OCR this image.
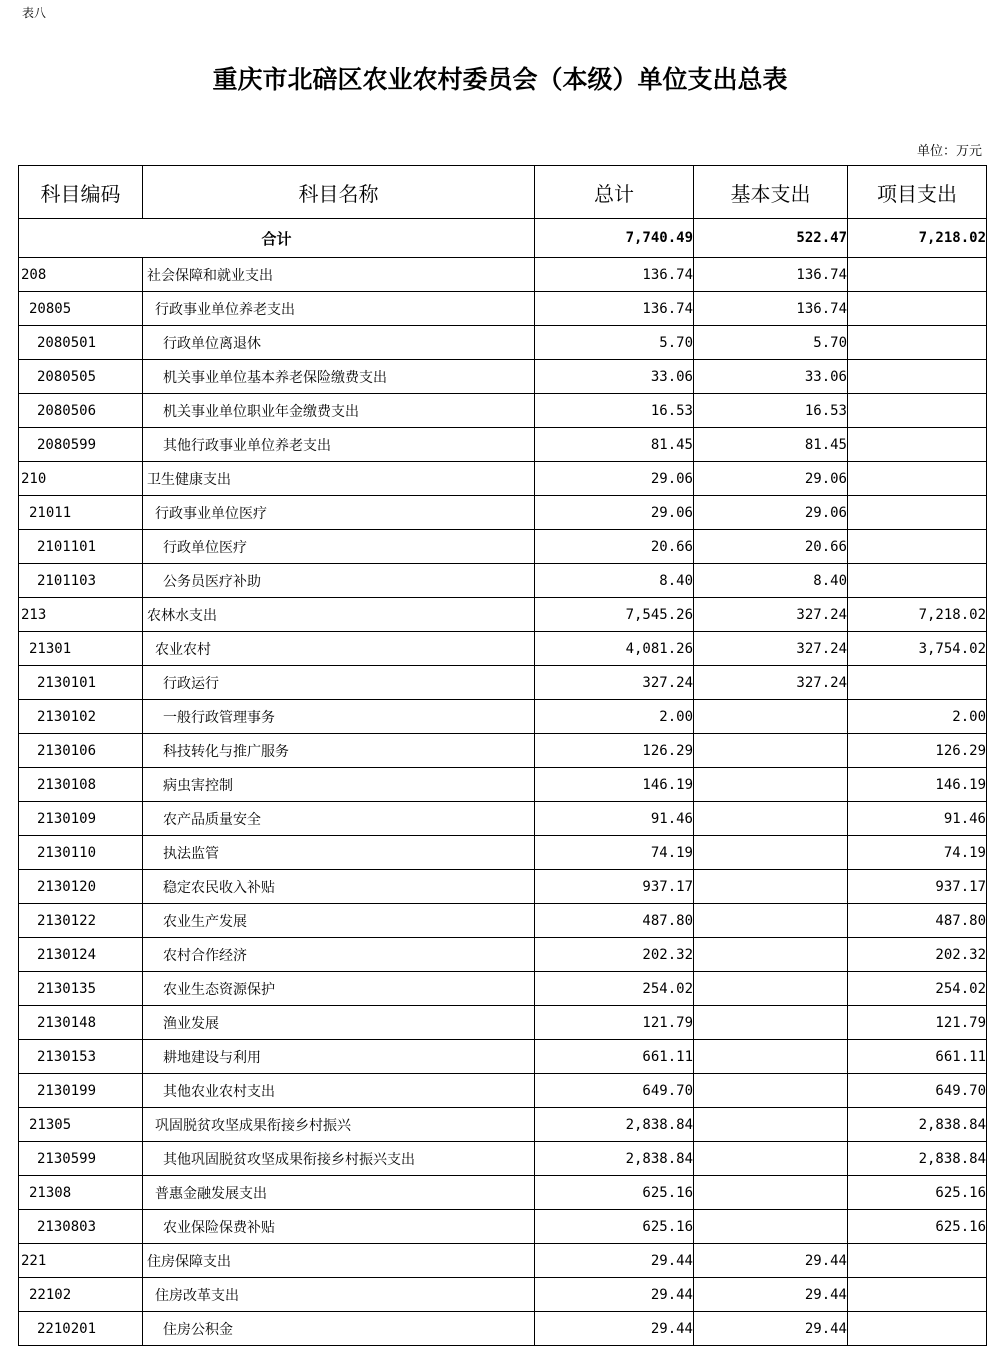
表八
重庆市北碚区农业农村委员会（本级）单位支出总表
单位：万元
科目编码	科目名称	总计	基本支出	项目支出
合计		7,740.49	522.47	7,218.02
208	社会保障和就业支出	136.74	136.74	
20805	行政事业单位养老支出	136.74	136.74	
2080501	行政单位离退休	5.70	5.70	
2080505	机关事业单位基本养老保险缴费支出	33.06	33.06	
2080506	机关事业单位职业年金缴费支出	16.53	16.53	
2080599	其他行政事业单位养老支出	81.45	81.45	
210	卫生健康支出	29.06	29.06	
21011	行政事业单位医疗	29.06	29.06	
2101101	行政单位医疗	20.66	20.66	
2101103	公务员医疗补助	8.40	8.40	
213	农林水支出	7,545.26	327.24	7,218.02
21301	农业农村	4,081.26	327.24	3,754.02
2130101	行政运行	327.24	327.24	
2130102	一般行政管理事务	2.00		2.00
2130106	科技转化与推广服务	126.29		126.29
2130108	病虫害控制	146.19		146.19
2130109	农产品质量安全	91.46		91.46
2130110	执法监管	74.19		74.19
2130120	稳定农民收入补贴	937.17		937.17
2130122	农业生产发展	487.80		487.80
2130124	农村合作经济	202.32		202.32
2130135	农业生态资源保护	254.02		254.02
2130148	渔业发展	121.79		121.79
2130153	耕地建设与利用	661.11		661.11
2130199	其他农业农村支出	649.70		649.70
21305	巩固脱贫攻坚成果衔接乡村振兴	2,838.84		2,838.84
2130599	其他巩固脱贫攻坚成果衔接乡村振兴支出	2,838.84		2,838.84
21308	普惠金融发展支出	625.16		625.16
2130803	农业保险保费补贴	625.16		625.16
221	住房保障支出	29.44	29.44	
22102	住房改革支出	29.44	29.44	
2210201	住房公积金	29.44	29.44	
